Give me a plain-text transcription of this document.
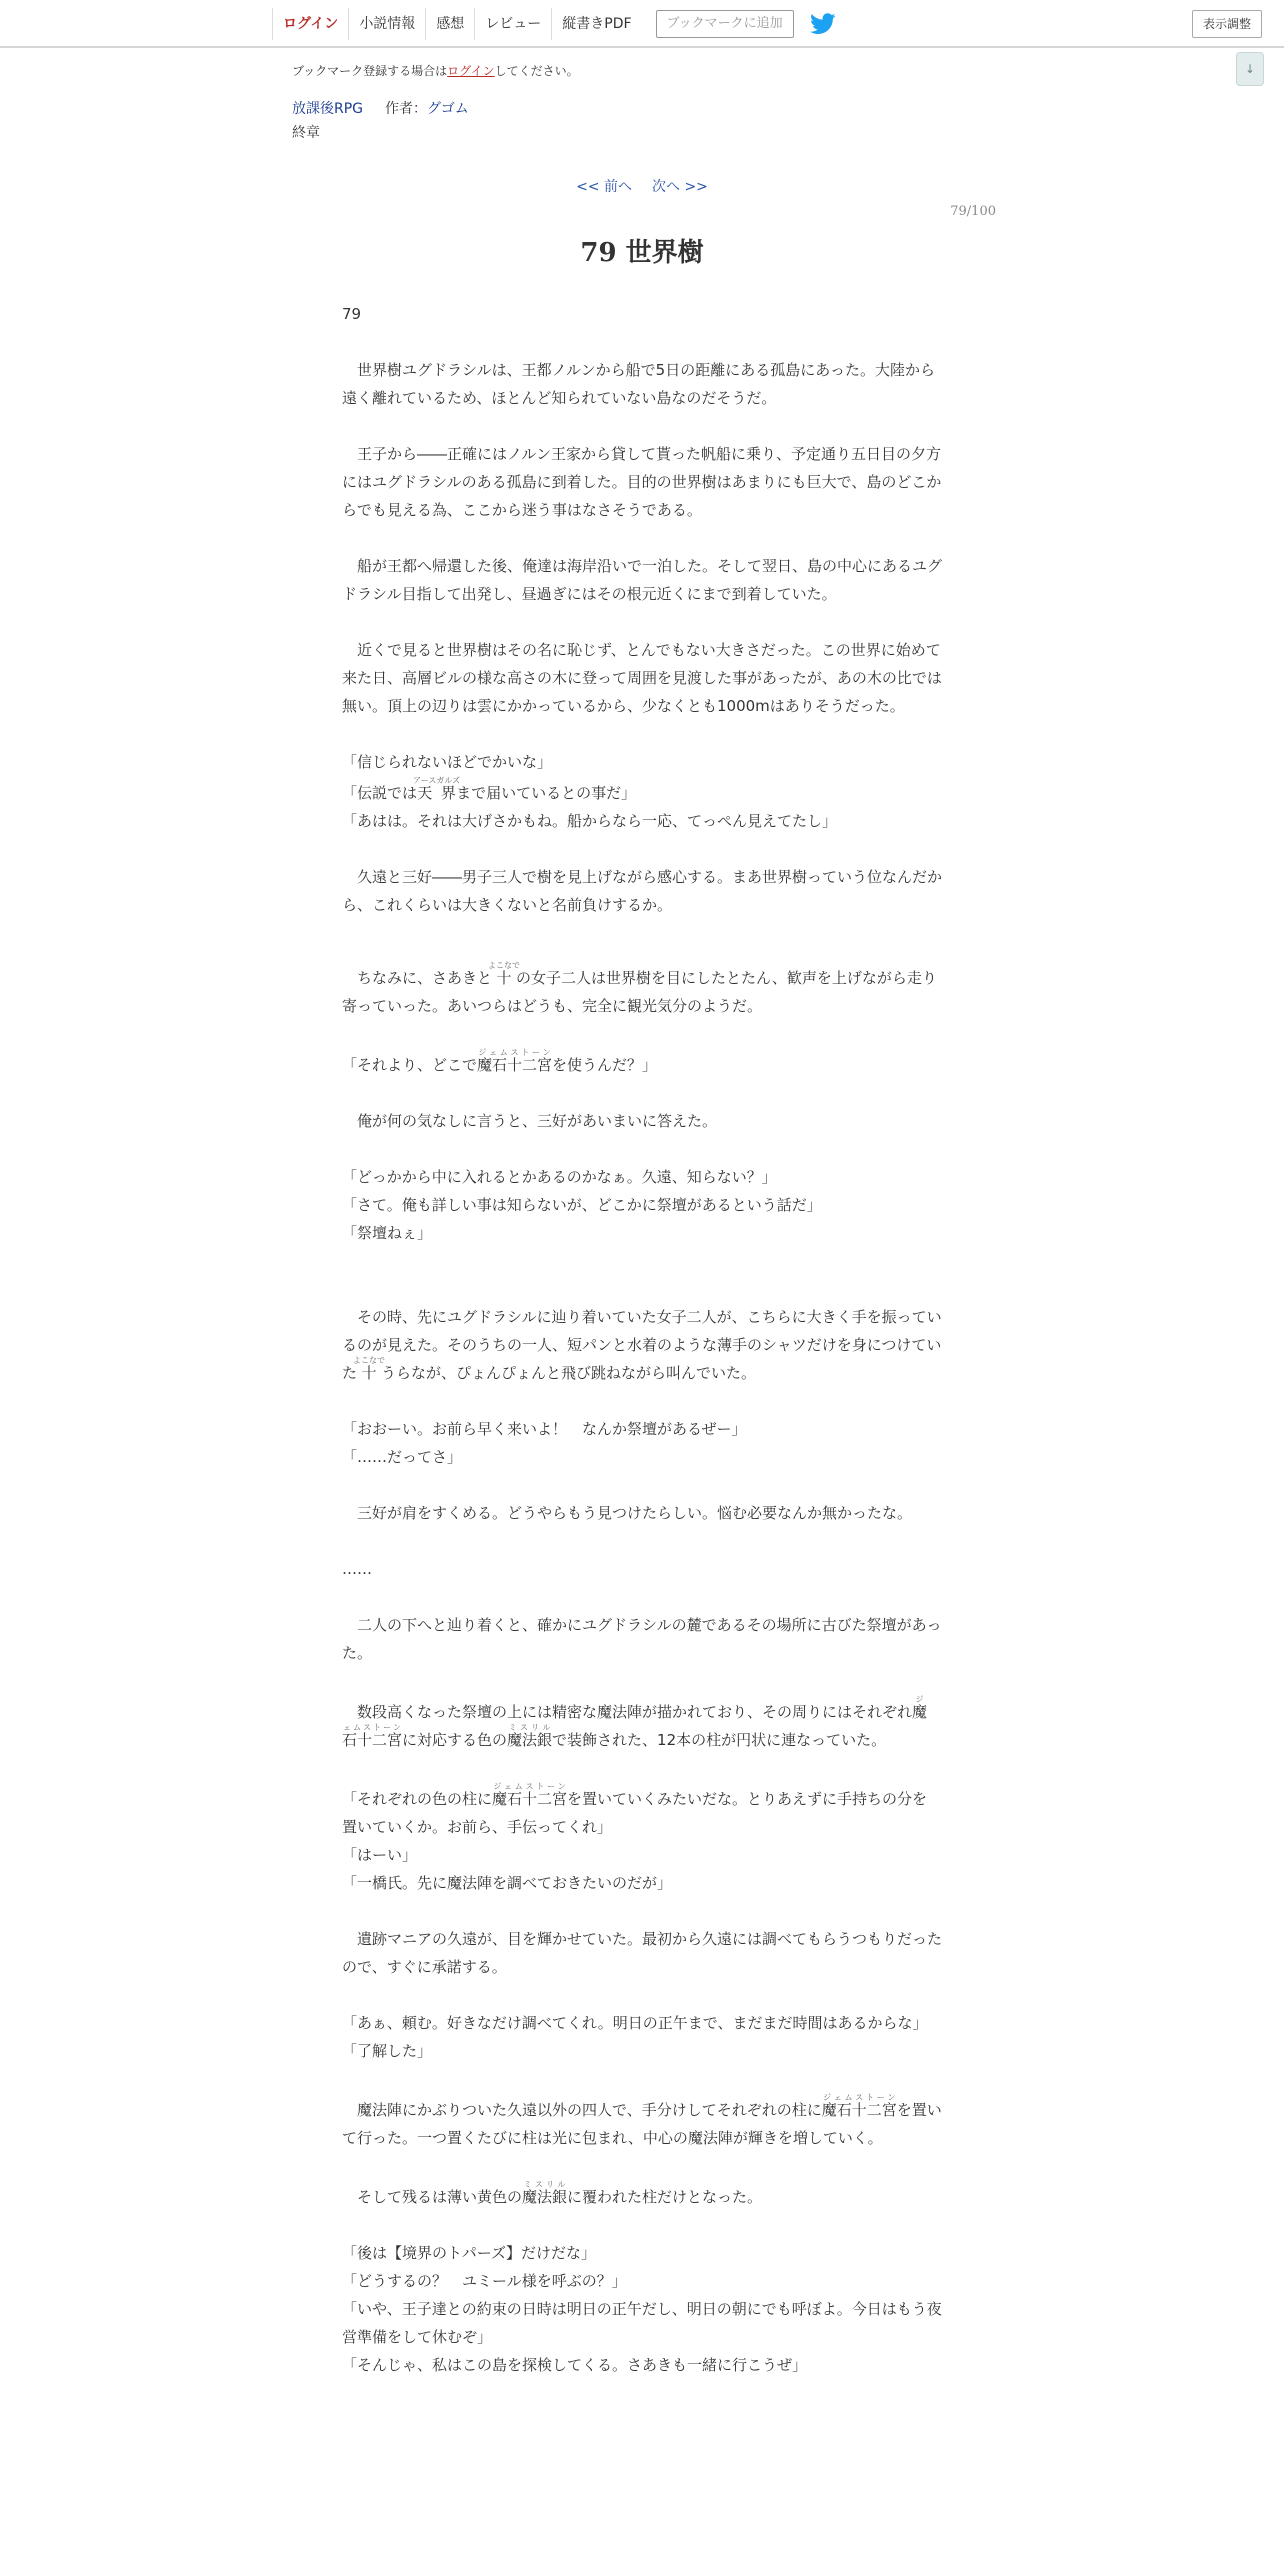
ログイン	小説情報	感想	レビュー	縦書きPDF	ブックマークに追加	表示調整
↓
ブックマーク登録する場合はログインしてください。
放課後RPG 作者：グゴム
終章
<< 前へ 次へ >>
79/100
79 世界樹

79

世界樹ユグドラシルは、王都ノルンから船で5日の距離にある孤島にあった。大陸から遠く離れているため、ほとんど知られていない島なのだそうだ。

王子から――正確にはノルン王家から貸して貰った帆船に乗り、予定通り五日目の夕方にはユグドラシルのある孤島に到着した。目的の世界樹はあまりにも巨大で、島のどこからでも見える為、ここから迷う事はなさそうである。

船が王都へ帰還した後、俺達は海岸沿いで一泊した。そして翌日、島の中心にあるユグドラシル目指して出発し、昼過ぎにはその根元近くにまで到着していた。

近くで見ると世界樹はその名に恥じず、とんでもない大きさだった。この世界に始めて来た日、高層ビルの様な高さの木に登って周囲を見渡した事があったが、あの木の比では無い。頂上の辺りは雲にかかっているから、少なくとも1000mはありそうだった。

「信じられないほどでかいな」

「伝説では天界アースガルズまで届いているとの事だ」

「あはは。それは大げさかもね。船からなら一応、てっぺん見えてたし」

久遠と三好――男子三人で樹を見上げながら感心する。まあ世界樹っていう位なんだから、これくらいは大きくないと名前負けするか。

ちなみに、さあきと十よこなでの女子二人は世界樹を目にしたとたん、歓声を上げながら走り寄っていった。あいつらはどうも、完全に観光気分のようだ。

「それより、どこで魔石十二宮ジェムストーンを使うんだ？」

俺が何の気なしに言うと、三好があいまいに答えた。

「どっかから中に入れるとかあるのかなぁ。久遠、知らない？」

「さて。俺も詳しい事は知らないが、どこかに祭壇があるという話だ」

「祭壇ねぇ」

その時、先にユグドラシルに辿り着いていた女子二人が、こちらに大きく手を振っているのが見えた。そのうちの一人、短パンと水着のような薄手のシャツだけを身につけていた十よこなでうらなが、ぴょんぴょんと飛び跳ねながら叫んでいた。

「おおーい。お前ら早く来いよ！　なんか祭壇があるぜー」

「……だってさ」

三好が肩をすくめる。どうやらもう見つけたらしい。悩む必要なんか無かったな。

……

二人の下へと辿り着くと、確かにユグドラシルの麓であるその場所に古びた祭壇があった。

数段高くなった祭壇の上には精密な魔法陣が描かれており、その周りにはそれぞれ魔石十二宮ジェムストーンに対応する色の魔法銀ミスリルで装飾された、12本の柱が円状に連なっていた。

「それぞれの色の柱に魔石十二宮ジェムストーンを置いていくみたいだな。とりあえずに手持ちの分を置いていくか。お前ら、手伝ってくれ」

「はーい」

「一橋氏。先に魔法陣を調べておきたいのだが」

遺跡マニアの久遠が、目を輝かせていた。最初から久遠には調べてもらうつもりだったので、すぐに承諾する。

「あぁ、頼む。好きなだけ調べてくれ。明日の正午まで、まだまだ時間はあるからな」

「了解した」

魔法陣にかぶりついた久遠以外の四人で、手分けしてそれぞれの柱に魔石十二宮ジェムストーンを置いて行った。一つ置くたびに柱は光に包まれ、中心の魔法陣が輝きを増していく。

そして残るは薄い黄色の魔法銀ミスリルに覆われた柱だけとなった。

「後は【境界のトパーズ】だけだな」

「どうするの？　ユミール様を呼ぶの？」

「いや、王子達との約束の日時は明日の正午だし、明日の朝にでも呼ぼよ。今日はもう夜営準備をして休むぞ」

「そんじゃ、私はこの島を探検してくる。さあきも一緒に行こうぜ」
